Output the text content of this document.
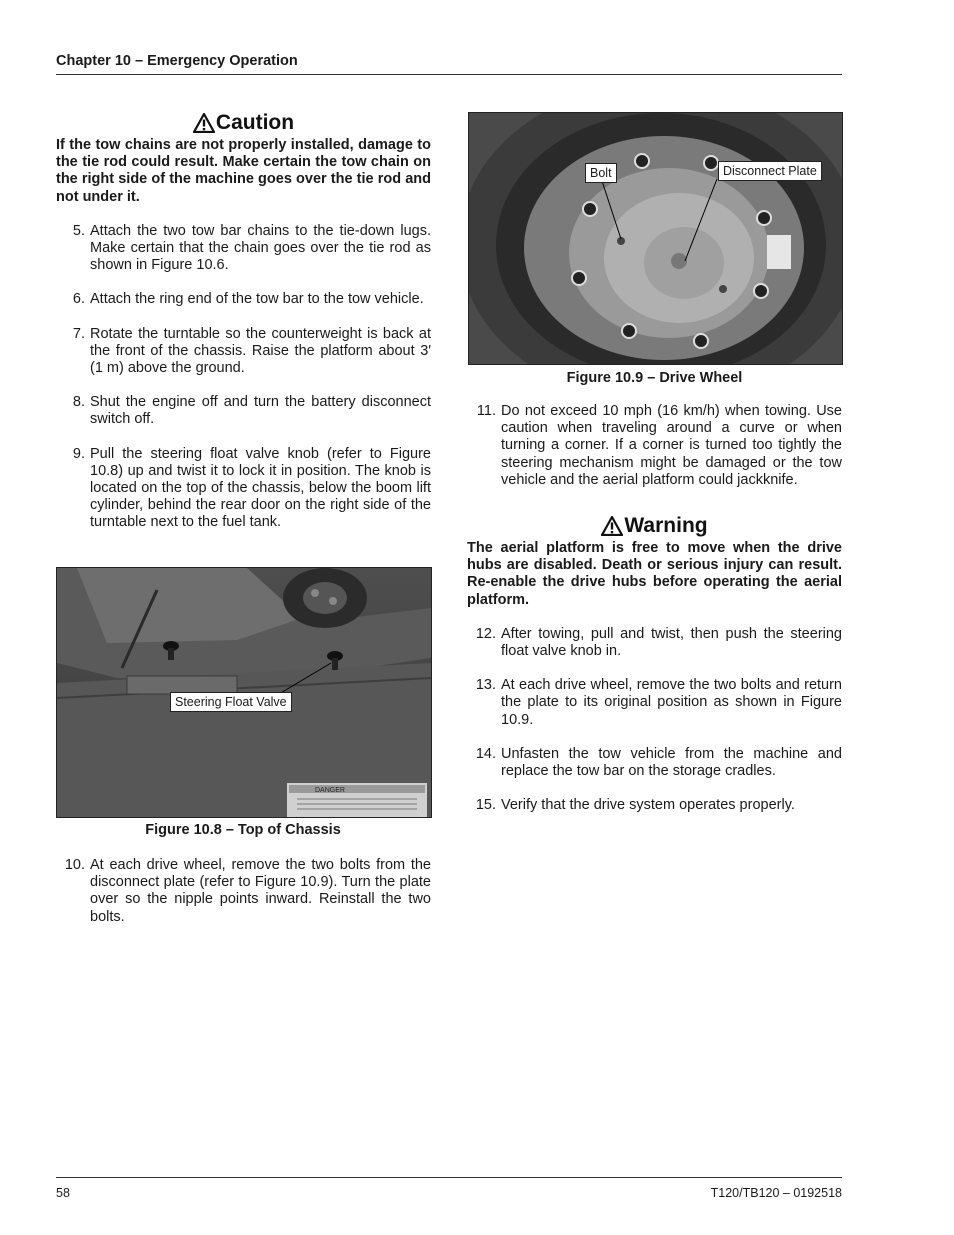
Chapter 10 – Emergency Operation
Caution
If the tow chains are not properly installed, damage to the tie rod could result. Make certain the tow chain on the right side of the machine goes over the tie rod and not under it.
5. Attach the two tow bar chains to the tie-down lugs. Make certain that the chain goes over the tie rod as shown in Figure 10.6.
6. Attach the ring end of the tow bar to the tow vehicle.
7. Rotate the turntable so the counterweight is back at the front of the chassis. Raise the platform about 3′ (1 m) above the ground.
8. Shut the engine off and turn the battery disconnect switch off.
9. Pull the steering float valve knob (refer to Figure 10.8) up and twist it to lock it in position. The knob is located on the top of the chassis, below the boom lift cylinder, behind the rear door on the right side of the turntable next to the fuel tank.
DANGER
Steering Float Valve
Figure 10.8 – Top of Chassis
10. At each drive wheel, remove the two bolts from the disconnect plate (refer to Figure 10.9). Turn the plate over so the nipple points inward. Reinstall the two bolts.
Bolt	Disconnect Plate
Figure 10.9 – Drive Wheel
11. Do not exceed 10 mph (16 km/h) when towing. Use caution when traveling around a curve or when turning a corner. If a corner is turned too tightly the steering mechanism might be damaged or the tow vehicle and the aerial platform could jackknife.
Warning
The aerial platform is free to move when the drive hubs are disabled. Death or serious injury can result. Re-enable the drive hubs before operating the aerial platform.
12. After towing, pull and twist, then push the steering float valve knob in.
13. At each drive wheel, remove the two bolts and return the plate to its original position as shown in Figure 10.9.
14. Unfasten the tow vehicle from the machine and replace the tow bar on the storage cradles.
15. Verify that the drive system operates properly.
58	T120/TB120 – 0192518
